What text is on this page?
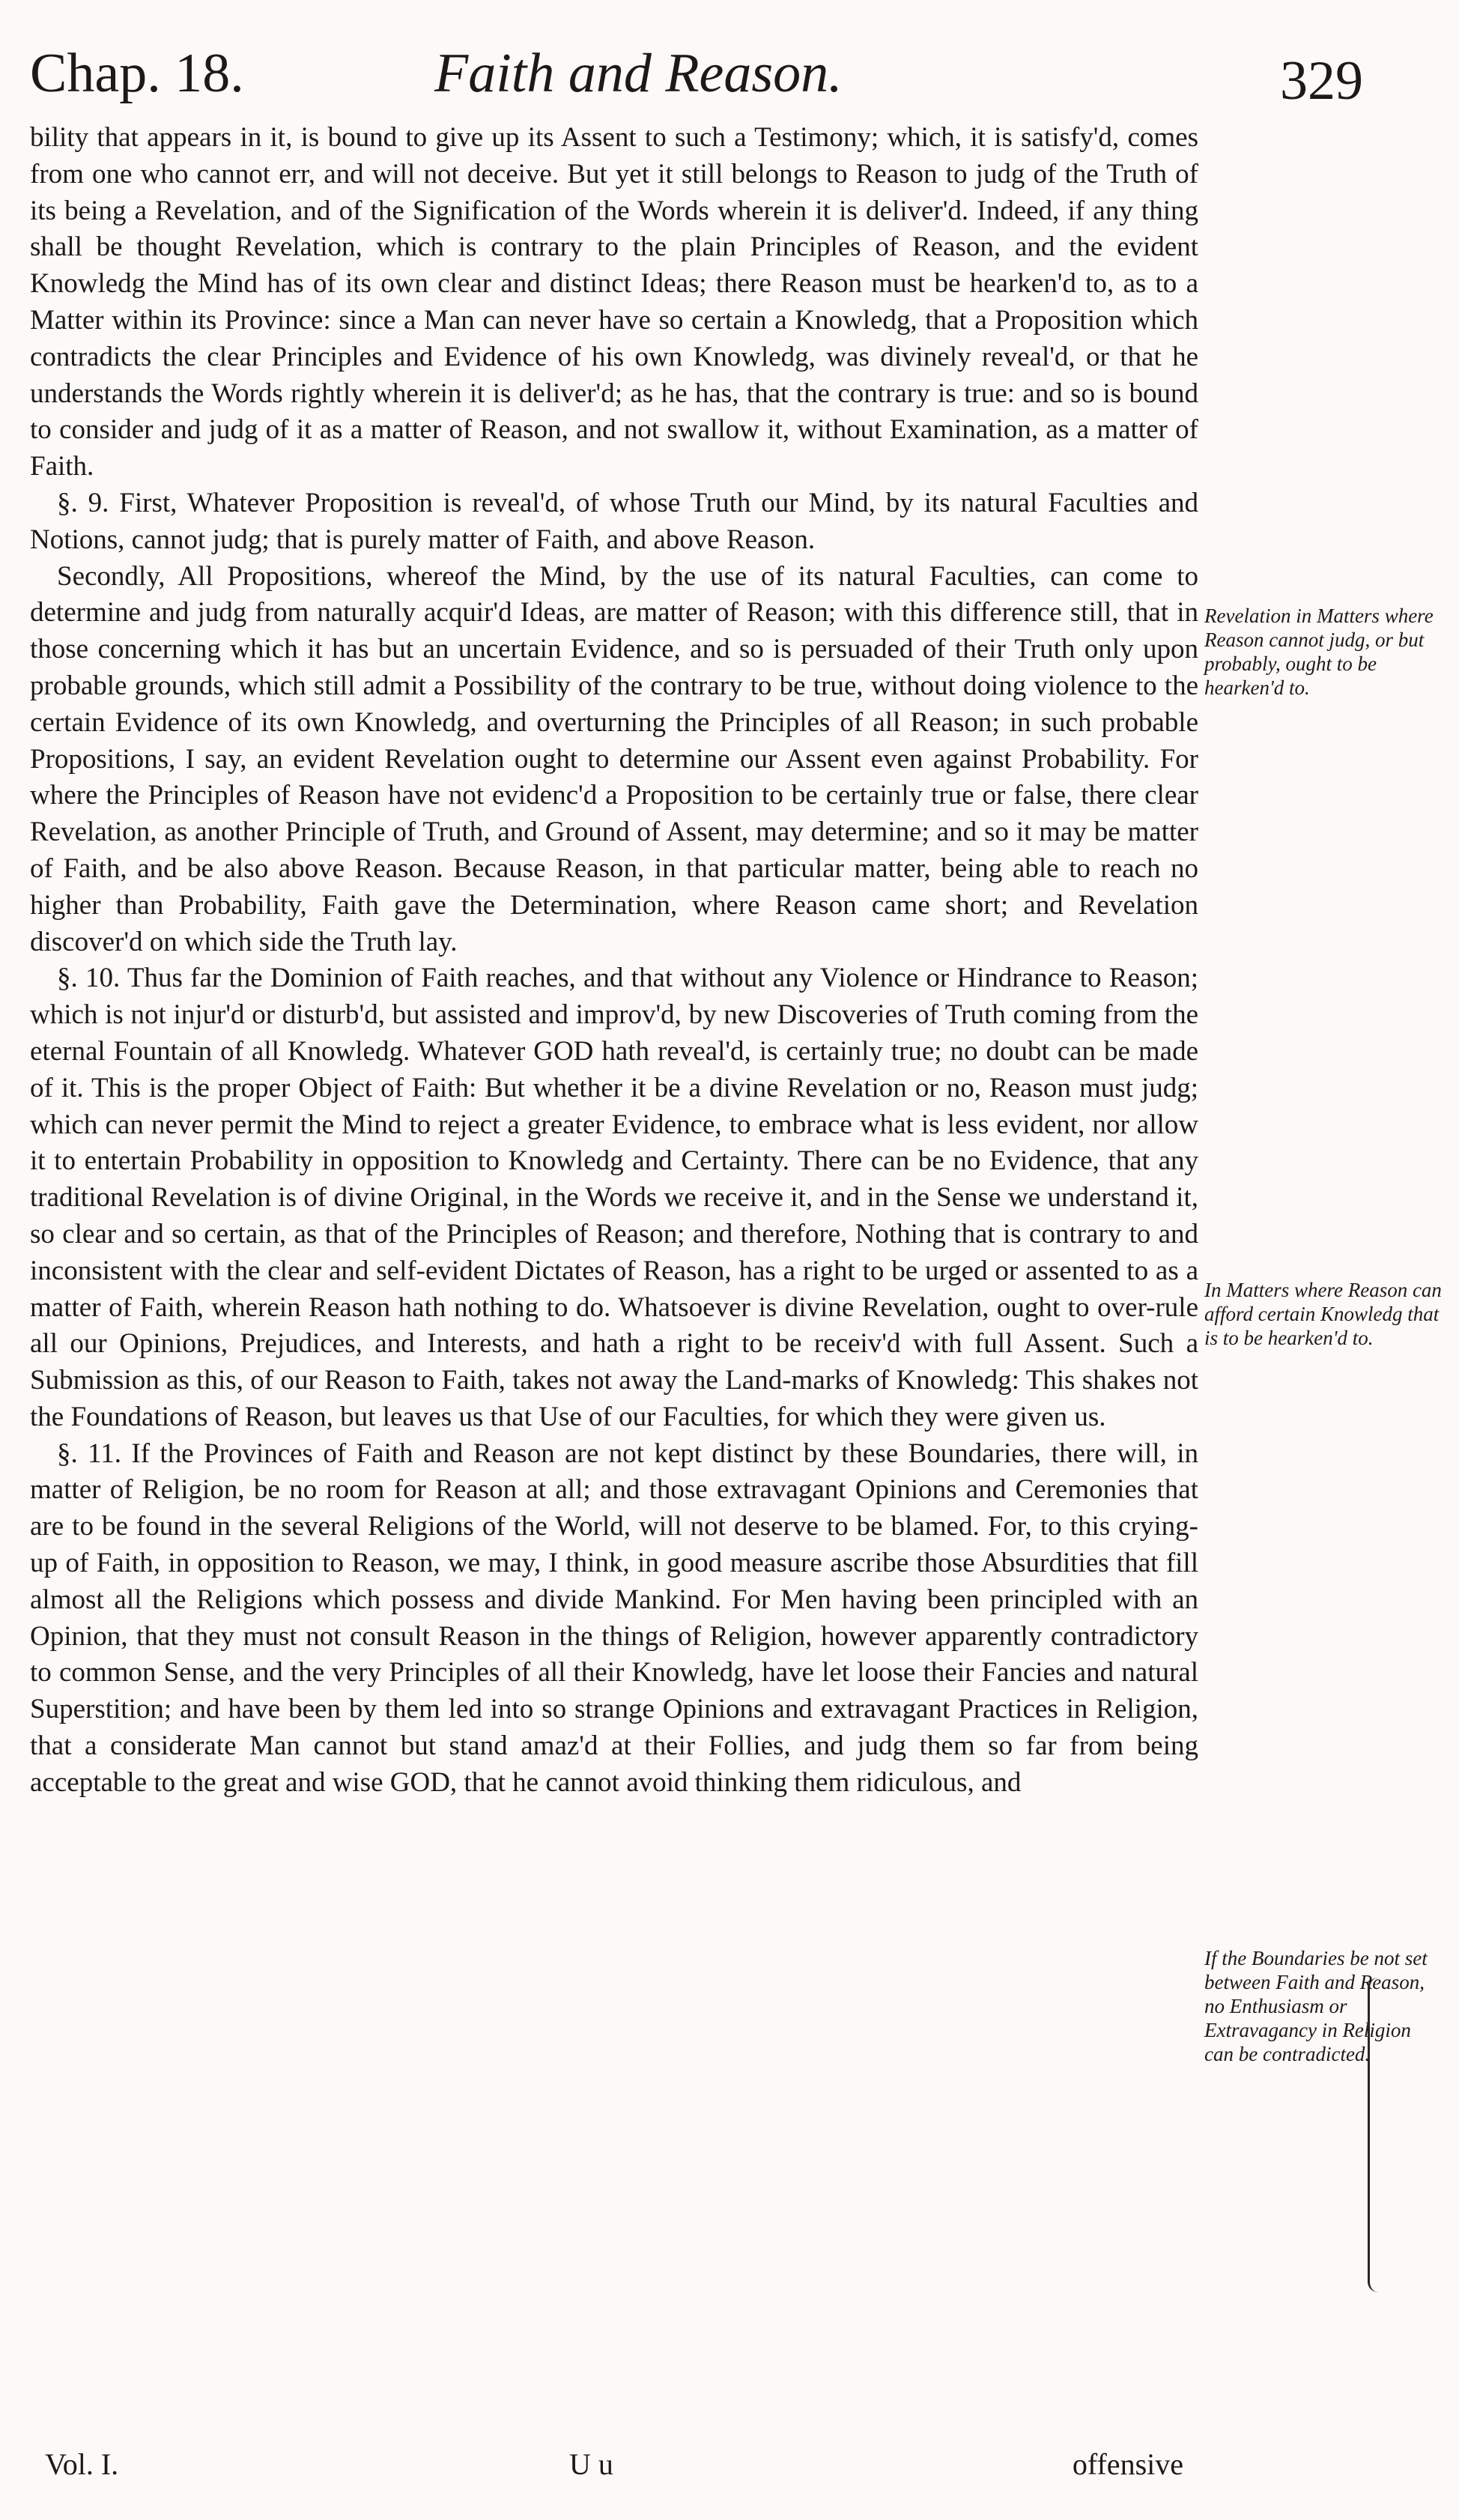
Chap. 18.	Faith and Reason.	329

bility that appears in it, is bound to give up its Assent to such a Testimony; which, it is satisfy'd, comes from one who cannot err, and will not deceive. But yet it still belongs to Reason to judg of the Truth of its being a Revelation, and of the Signification of the Words wherein it is deliver'd. Indeed, if any thing shall be thought Revelation, which is contrary to the plain Principles of Reason, and the evident Knowledg the Mind has of its own clear and distinct Ideas; there Reason must be hearken'd to, as to a Matter within its Province: since a Man can never have so certain a Knowledg, that a Proposition which contradicts the clear Principles and Evidence of his own Knowledg, was divinely reveal'd, or that he understands the Words rightly wherein it is deliver'd; as he has, that the contrary is true: and so is bound to consider and judg of it as a matter of Reason, and not swallow it, without Examination, as a matter of Faith.

§. 9. First, Whatever Proposition is reveal'd, of whose Truth our Mind, by its natural Faculties and Notions, cannot judg; that is purely matter of Faith, and above Reason.

Secondly, All Propositions, whereof the Mind, by the use of its natural Faculties, can come to determine and judg from naturally acquir'd Ideas, are matter of Reason; with this difference still, that in those concerning which it has but an uncertain Evidence, and so is persuaded of their Truth only upon probable grounds, which still admit a Possibility of the contrary to be true, without doing violence to the certain Evidence of its own Knowledg, and overturning the Principles of all Reason; in such probable Propositions, I say, an evident Revelation ought to determine our Assent even against Probability. For where the Principles of Reason have not evidenc'd a Proposition to be certainly true or false, there clear Revelation, as another Principle of Truth, and Ground of Assent, may determine; and so it may be matter of Faith, and be also above Reason. Because Reason, in that particular matter, being able to reach no higher than Probability, Faith gave the Determination, where Reason came short; and Revelation discover'd on which side the Truth lay.

§. 10. Thus far the Dominion of Faith reaches, and that without any Violence or Hindrance to Reason; which is not injur'd or disturb'd, but assisted and improv'd, by new Discoveries of Truth coming from the eternal Fountain of all Knowledg. Whatever GOD hath reveal'd, is certainly true; no doubt can be made of it. This is the proper Object of Faith: But whether it be a divine Revelation or no, Reason must judg; which can never permit the Mind to reject a greater Evidence, to embrace what is less evident, nor allow it to entertain Probability in opposition to Knowledg and Certainty. There can be no Evidence, that any traditional Revelation is of divine Original, in the Words we receive it, and in the Sense we understand it, so clear and so certain, as that of the Principles of Reason; and therefore, Nothing that is contrary to and inconsistent with the clear and self-evident Dictates of Reason, has a right to be urged or assented to as a matter of Faith, wherein Reason hath nothing to do. Whatsoever is divine Revelation, ought to over-rule all our Opinions, Prejudices, and Interests, and hath a right to be receiv'd with full Assent. Such a Submission as this, of our Reason to Faith, takes not away the Land-marks of Knowledg: This shakes not the Foundations of Reason, but leaves us that Use of our Faculties, for which they were given us.

§. 11. If the Provinces of Faith and Reason are not kept distinct by these Boundaries, there will, in matter of Religion, be no room for Reason at all; and those extravagant Opinions and Ceremonies that are to be found in the several Religions of the World, will not deserve to be blamed. For, to this crying-up of Faith, in opposition to Reason, we may, I think, in good measure ascribe those Absurdities that fill almost all the Religions which possess and divide Mankind. For Men having been principled with an Opinion, that they must not consult Reason in the things of Religion, however apparently contradictory to common Sense, and the very Principles of all their Knowledg, have let loose their Fancies and natural Superstition; and have been by them led into so strange Opinions and extravagant Practices in Religion, that a considerate Man cannot but stand amaz'd at their Follies, and judg them so far from being acceptable to the great and wise GOD, that he cannot avoid thinking them ridiculous, and

Revelation in Matters where Reason cannot judg, or but probably, ought to be hearken'd to.
In Matters where Reason can afford certain Knowledg that is to be hearken'd to.
If the Boundaries be not set between Faith and Reason, no Enthusiasm or Extravagancy in Religion can be contradicted.
Vol. I.	U u	offensive
